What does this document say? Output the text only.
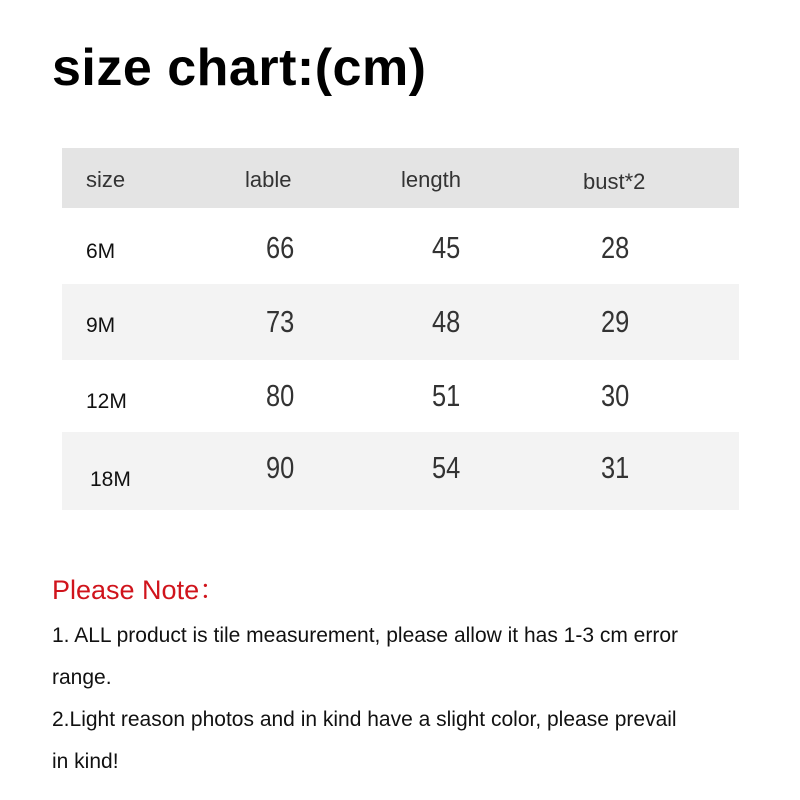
size chart:(cm)
size	lable	length	bust*2
6M	66	45	28
9M	73	48	29
12M	80	51	30
18M	90	54	31
Please Note：
1. ALL product is tile measurement, please allow it has 1-3 cm error
range.
2.Light reason photos and in kind have a slight color, please prevail
in kind!
